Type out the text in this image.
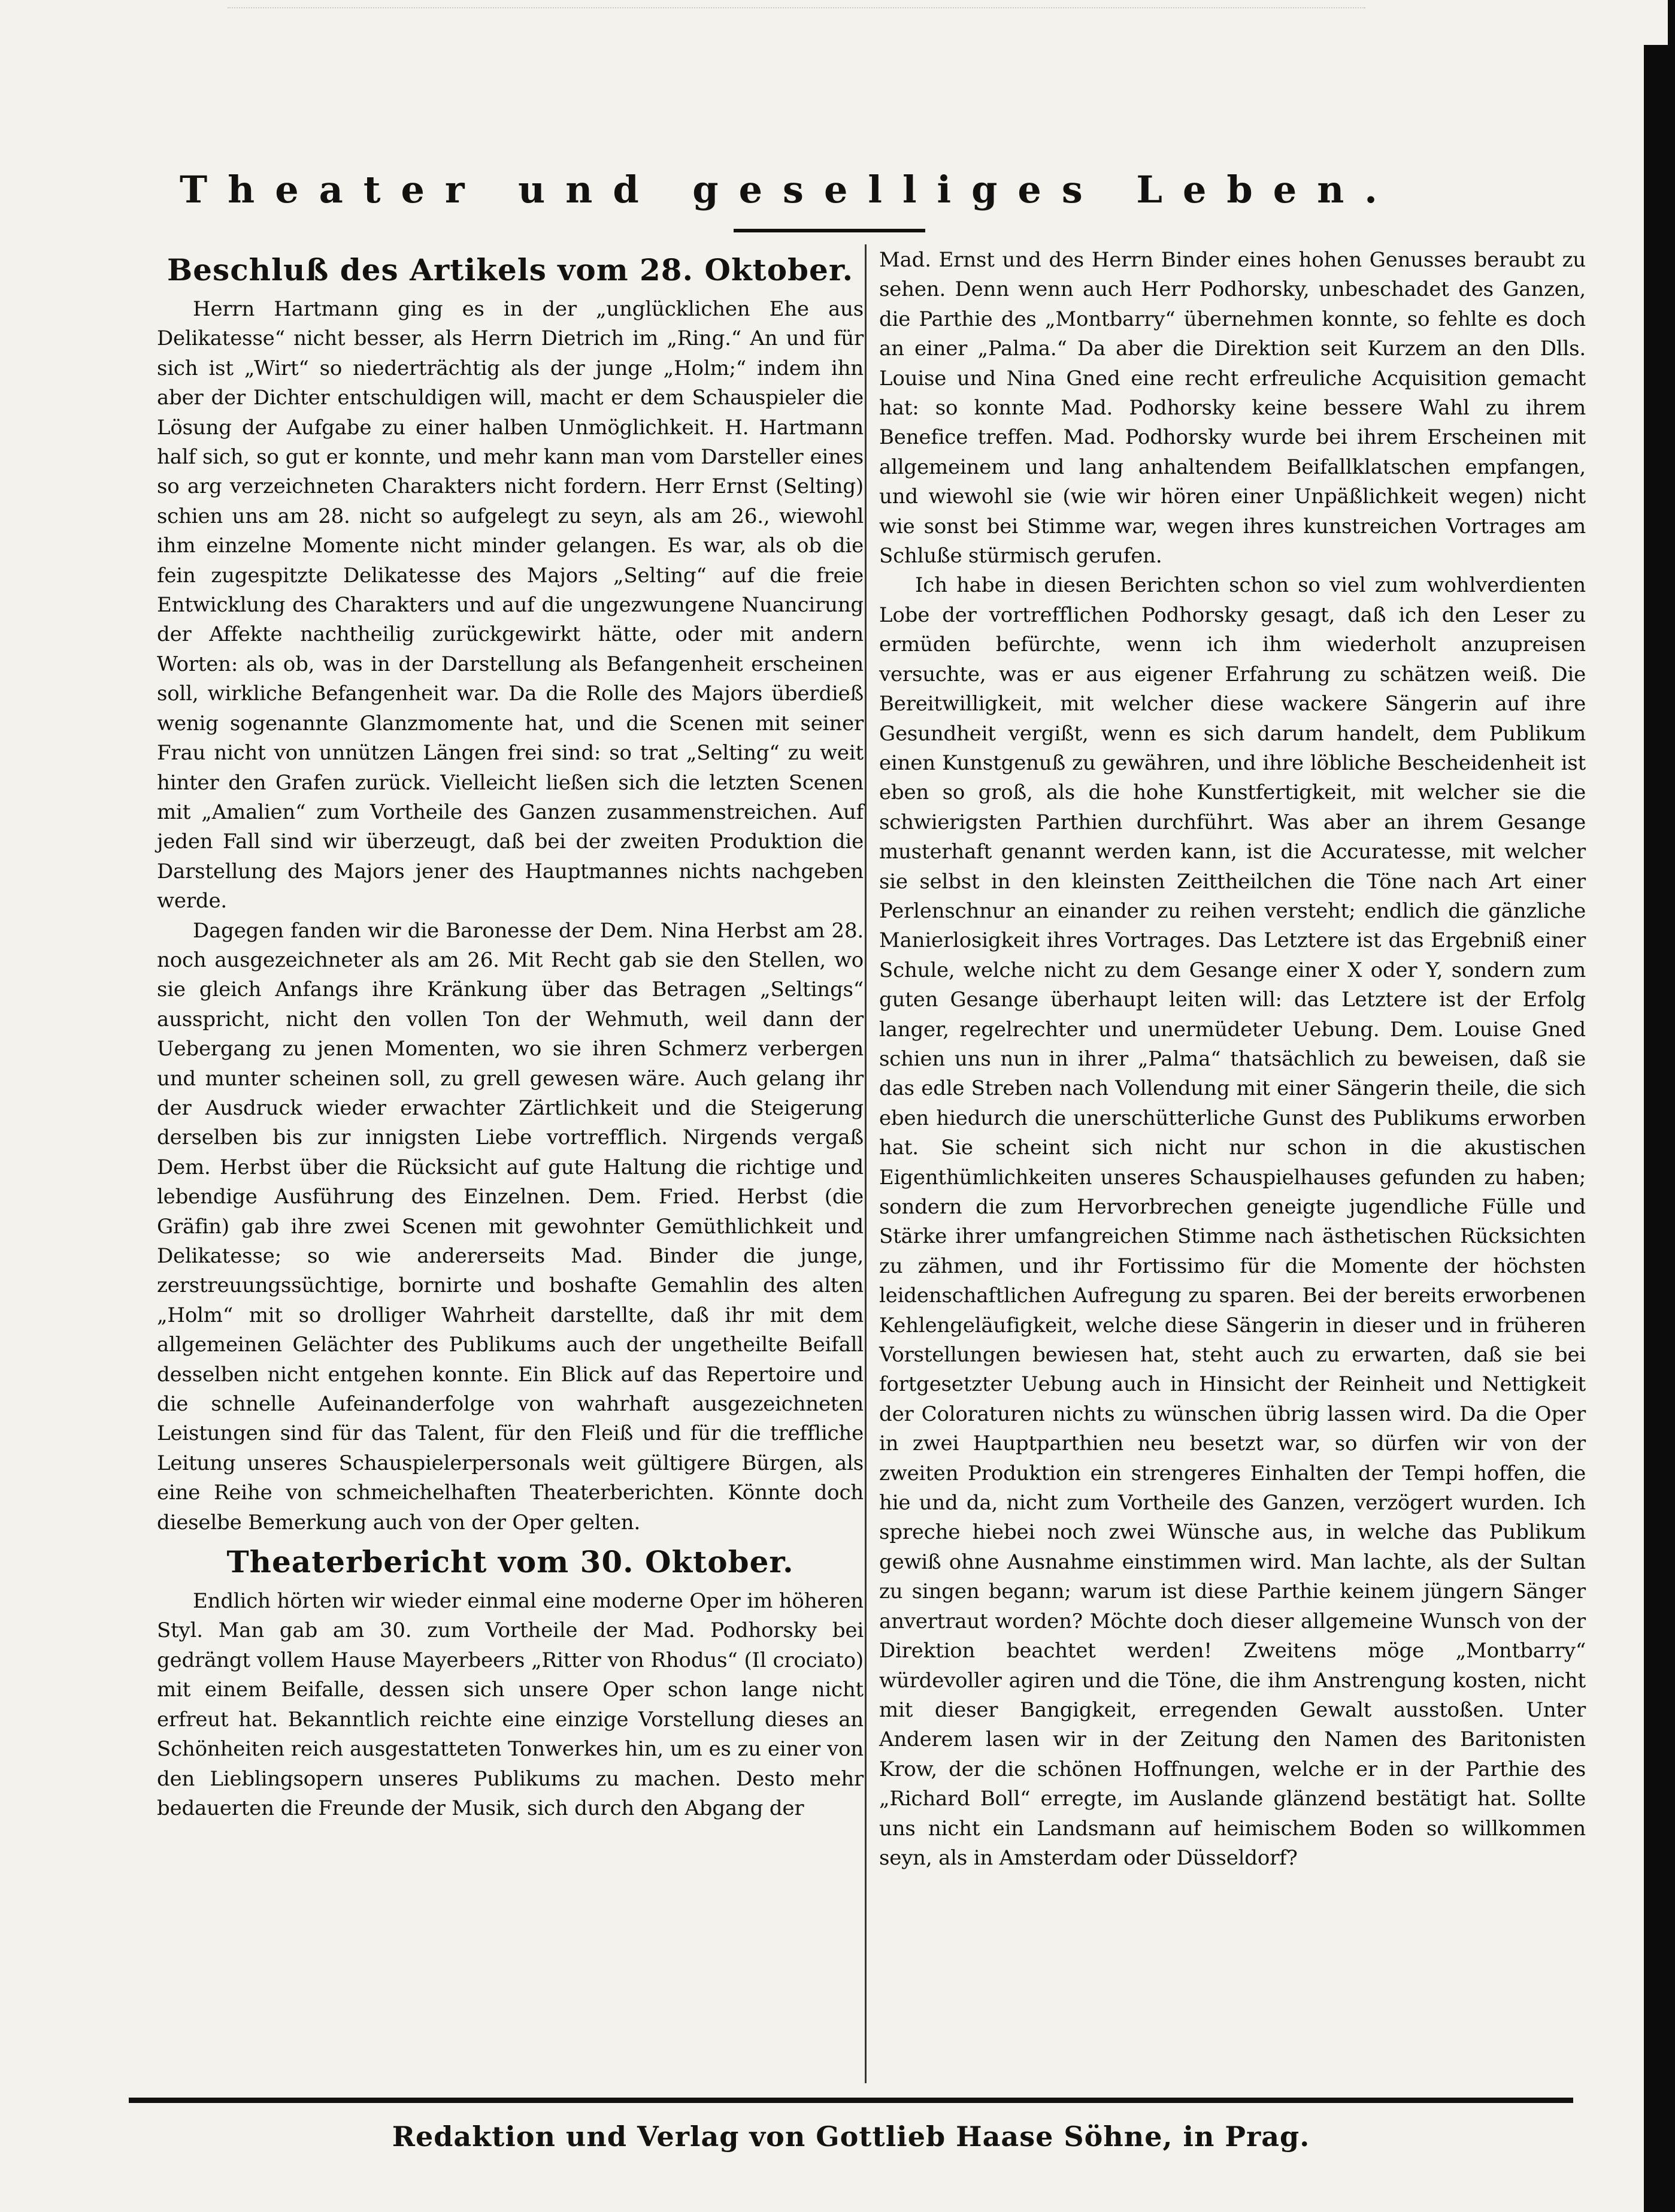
Theater und geselliges Leben.
Beschluß des Artikels vom 28. Oktober.

Herrn Hartmann ging es in der „unglücklichen Ehe aus Delikatesse“ nicht besser, als Herrn Dietrich im „Ring.“ An und für sich ist „Wirt“ so niederträchtig als der junge „Holm;“ indem ihn aber der Dichter entschuldigen will, macht er dem Schauspieler die Lösung der Aufgabe zu einer halben Unmöglichkeit. H. Hartmann half sich, so gut er konnte, und mehr kann man vom Darsteller eines so arg verzeichneten Charakters nicht fordern. Herr Ernst (Selting) schien uns am 28. nicht so aufgelegt zu seyn, als am 26., wiewohl ihm einzelne Momente nicht minder gelangen. Es war, als ob die fein zugespitzte Delikatesse des Majors „Selting“ auf die freie Entwicklung des Charakters und auf die ungezwungene Nuancirung der Affekte nachtheilig zurückgewirkt hätte, oder mit andern Worten: als ob, was in der Darstellung als Befangenheit erscheinen soll, wirkliche Befangenheit war. Da die Rolle des Majors überdieß wenig sogenannte Glanzmomente hat, und die Scenen mit seiner Frau nicht von unnützen Längen frei sind: so trat „Selting“ zu weit hinter den Grafen zurück. Vielleicht ließen sich die letzten Scenen mit „Amalien“ zum Vortheile des Ganzen zusammenstreichen. Auf jeden Fall sind wir überzeugt, daß bei der zweiten Produktion die Darstellung des Majors jener des Hauptmannes nichts nachgeben werde.

Dagegen fanden wir die Baronesse der Dem. Nina Herbst am 28. noch ausgezeichneter als am 26. Mit Recht gab sie den Stellen, wo sie gleich Anfangs ihre Kränkung über das Betragen „Seltings“ ausspricht, nicht den vollen Ton der Wehmuth, weil dann der Uebergang zu jenen Momenten, wo sie ihren Schmerz verbergen und munter scheinen soll, zu grell gewesen wäre. Auch gelang ihr der Ausdruck wieder erwachter Zärtlichkeit und die Steigerung derselben bis zur innigsten Liebe vortrefflich. Nirgends vergaß Dem. Herbst über die Rücksicht auf gute Haltung die richtige und lebendige Ausführung des Einzelnen. Dem. Fried. Herbst (die Gräfin) gab ihre zwei Scenen mit gewohnter Gemüthlichkeit und Delikatesse; so wie andererseits Mad. Binder die junge, zerstreuungssüchtige, bornirte und boshafte Gemahlin des alten „Holm“ mit so drolliger Wahrheit darstellte, daß ihr mit dem allgemeinen Gelächter des Publikums auch der ungetheilte Beifall desselben nicht entgehen konnte. Ein Blick auf das Repertoire und die schnelle Aufeinanderfolge von wahrhaft ausgezeichneten Leistungen sind für das Talent, für den Fleiß und für die treffliche Leitung unseres Schauspielerpersonals weit gültigere Bürgen, als eine Reihe von schmeichelhaften Theaterberichten. Könnte doch dieselbe Bemerkung auch von der Oper gelten.

Theaterbericht vom 30. Oktober.

Endlich hörten wir wieder einmal eine moderne Oper im höheren Styl. Man gab am 30. zum Vortheile der Mad. Podhorsky bei gedrängt vollem Hause Mayerbeers „Ritter von Rhodus“ (Il crociato) mit einem Beifalle, dessen sich unsere Oper schon lange nicht erfreut hat. Bekanntlich reichte eine einzige Vorstellung dieses an Schönheiten reich ausgestatteten Tonwerkes hin, um es zu einer von den Lieblingsopern unseres Publikums zu machen. Desto mehr bedauerten die Freunde der Musik, sich durch den Abgang der

Mad. Ernst und des Herrn Binder eines hohen Genusses beraubt zu sehen. Denn wenn auch Herr Podhorsky, unbeschadet des Ganzen, die Parthie des „Montbarry“ übernehmen konnte, so fehlte es doch an einer „Palma.“ Da aber die Direktion seit Kurzem an den Dlls. Louise und Nina Gned eine recht erfreuliche Acquisition gemacht hat: so konnte Mad. Podhorsky keine bessere Wahl zu ihrem Benefice treffen. Mad. Podhorsky wurde bei ihrem Erscheinen mit allgemeinem und lang anhaltendem Beifallklatschen empfangen, und wiewohl sie (wie wir hören einer Unpäßlichkeit wegen) nicht wie sonst bei Stimme war, wegen ihres kunstreichen Vortrages am Schluße stürmisch gerufen.

Ich habe in diesen Berichten schon so viel zum wohlverdienten Lobe der vortrefflichen Podhorsky gesagt, daß ich den Leser zu ermüden befürchte, wenn ich ihm wiederholt anzupreisen versuchte, was er aus eigener Erfahrung zu schätzen weiß. Die Bereitwilligkeit, mit welcher diese wackere Sängerin auf ihre Gesundheit vergißt, wenn es sich darum handelt, dem Publikum einen Kunstgenuß zu gewähren, und ihre löbliche Bescheidenheit ist eben so groß, als die hohe Kunstfertigkeit, mit welcher sie die schwierigsten Parthien durchführt. Was aber an ihrem Gesange musterhaft genannt werden kann, ist die Accuratesse, mit welcher sie selbst in den kleinsten Zeittheilchen die Töne nach Art einer Perlenschnur an einander zu reihen versteht; endlich die gänzliche Manierlosigkeit ihres Vortrages. Das Letztere ist das Ergebniß einer Schule, welche nicht zu dem Gesange einer X oder Y, sondern zum guten Gesange überhaupt leiten will: das Letztere ist der Erfolg langer, regelrechter und unermüdeter Uebung. Dem. Louise Gned schien uns nun in ihrer „Palma“ thatsächlich zu beweisen, daß sie das edle Streben nach Vollendung mit einer Sängerin theile, die sich eben hiedurch die unerschütterliche Gunst des Publikums erworben hat. Sie scheint sich nicht nur schon in die akustischen Eigenthümlichkeiten unseres Schauspielhauses gefunden zu haben; sondern die zum Hervorbrechen geneigte jugendliche Fülle und Stärke ihrer umfangreichen Stimme nach ästhetischen Rücksichten zu zähmen, und ihr Fortissimo für die Momente der höchsten leidenschaftlichen Aufregung zu sparen. Bei der bereits erworbenen Kehlengeläufigkeit, welche diese Sängerin in dieser und in früheren Vorstellungen bewiesen hat, steht auch zu erwarten, daß sie bei fortgesetzter Uebung auch in Hinsicht der Reinheit und Nettigkeit der Coloraturen nichts zu wünschen übrig lassen wird. Da die Oper in zwei Hauptparthien neu besetzt war, so dürfen wir von der zweiten Produktion ein strengeres Einhalten der Tempi hoffen, die hie und da, nicht zum Vortheile des Ganzen, verzögert wurden. Ich spreche hiebei noch zwei Wünsche aus, in welche das Publikum gewiß ohne Ausnahme einstimmen wird. Man lachte, als der Sultan zu singen begann; warum ist diese Parthie keinem jüngern Sänger anvertraut worden? Möchte doch dieser allgemeine Wunsch von der Direktion beachtet werden! Zweitens möge „Montbarry“ würdevoller agiren und die Töne, die ihm Anstrengung kosten, nicht mit dieser Bangigkeit, erregenden Gewalt ausstoßen. Unter Anderem lasen wir in der Zeitung den Namen des Baritonisten Krow, der die schönen Hoffnungen, welche er in der Parthie des „Richard Boll“ erregte, im Auslande glänzend bestätigt hat. Sollte uns nicht ein Landsmann auf heimischem Boden so willkommen seyn, als in Amsterdam oder Düsseldorf?

Redaktion und Verlag von Gottlieb Haase Söhne, in Prag.
